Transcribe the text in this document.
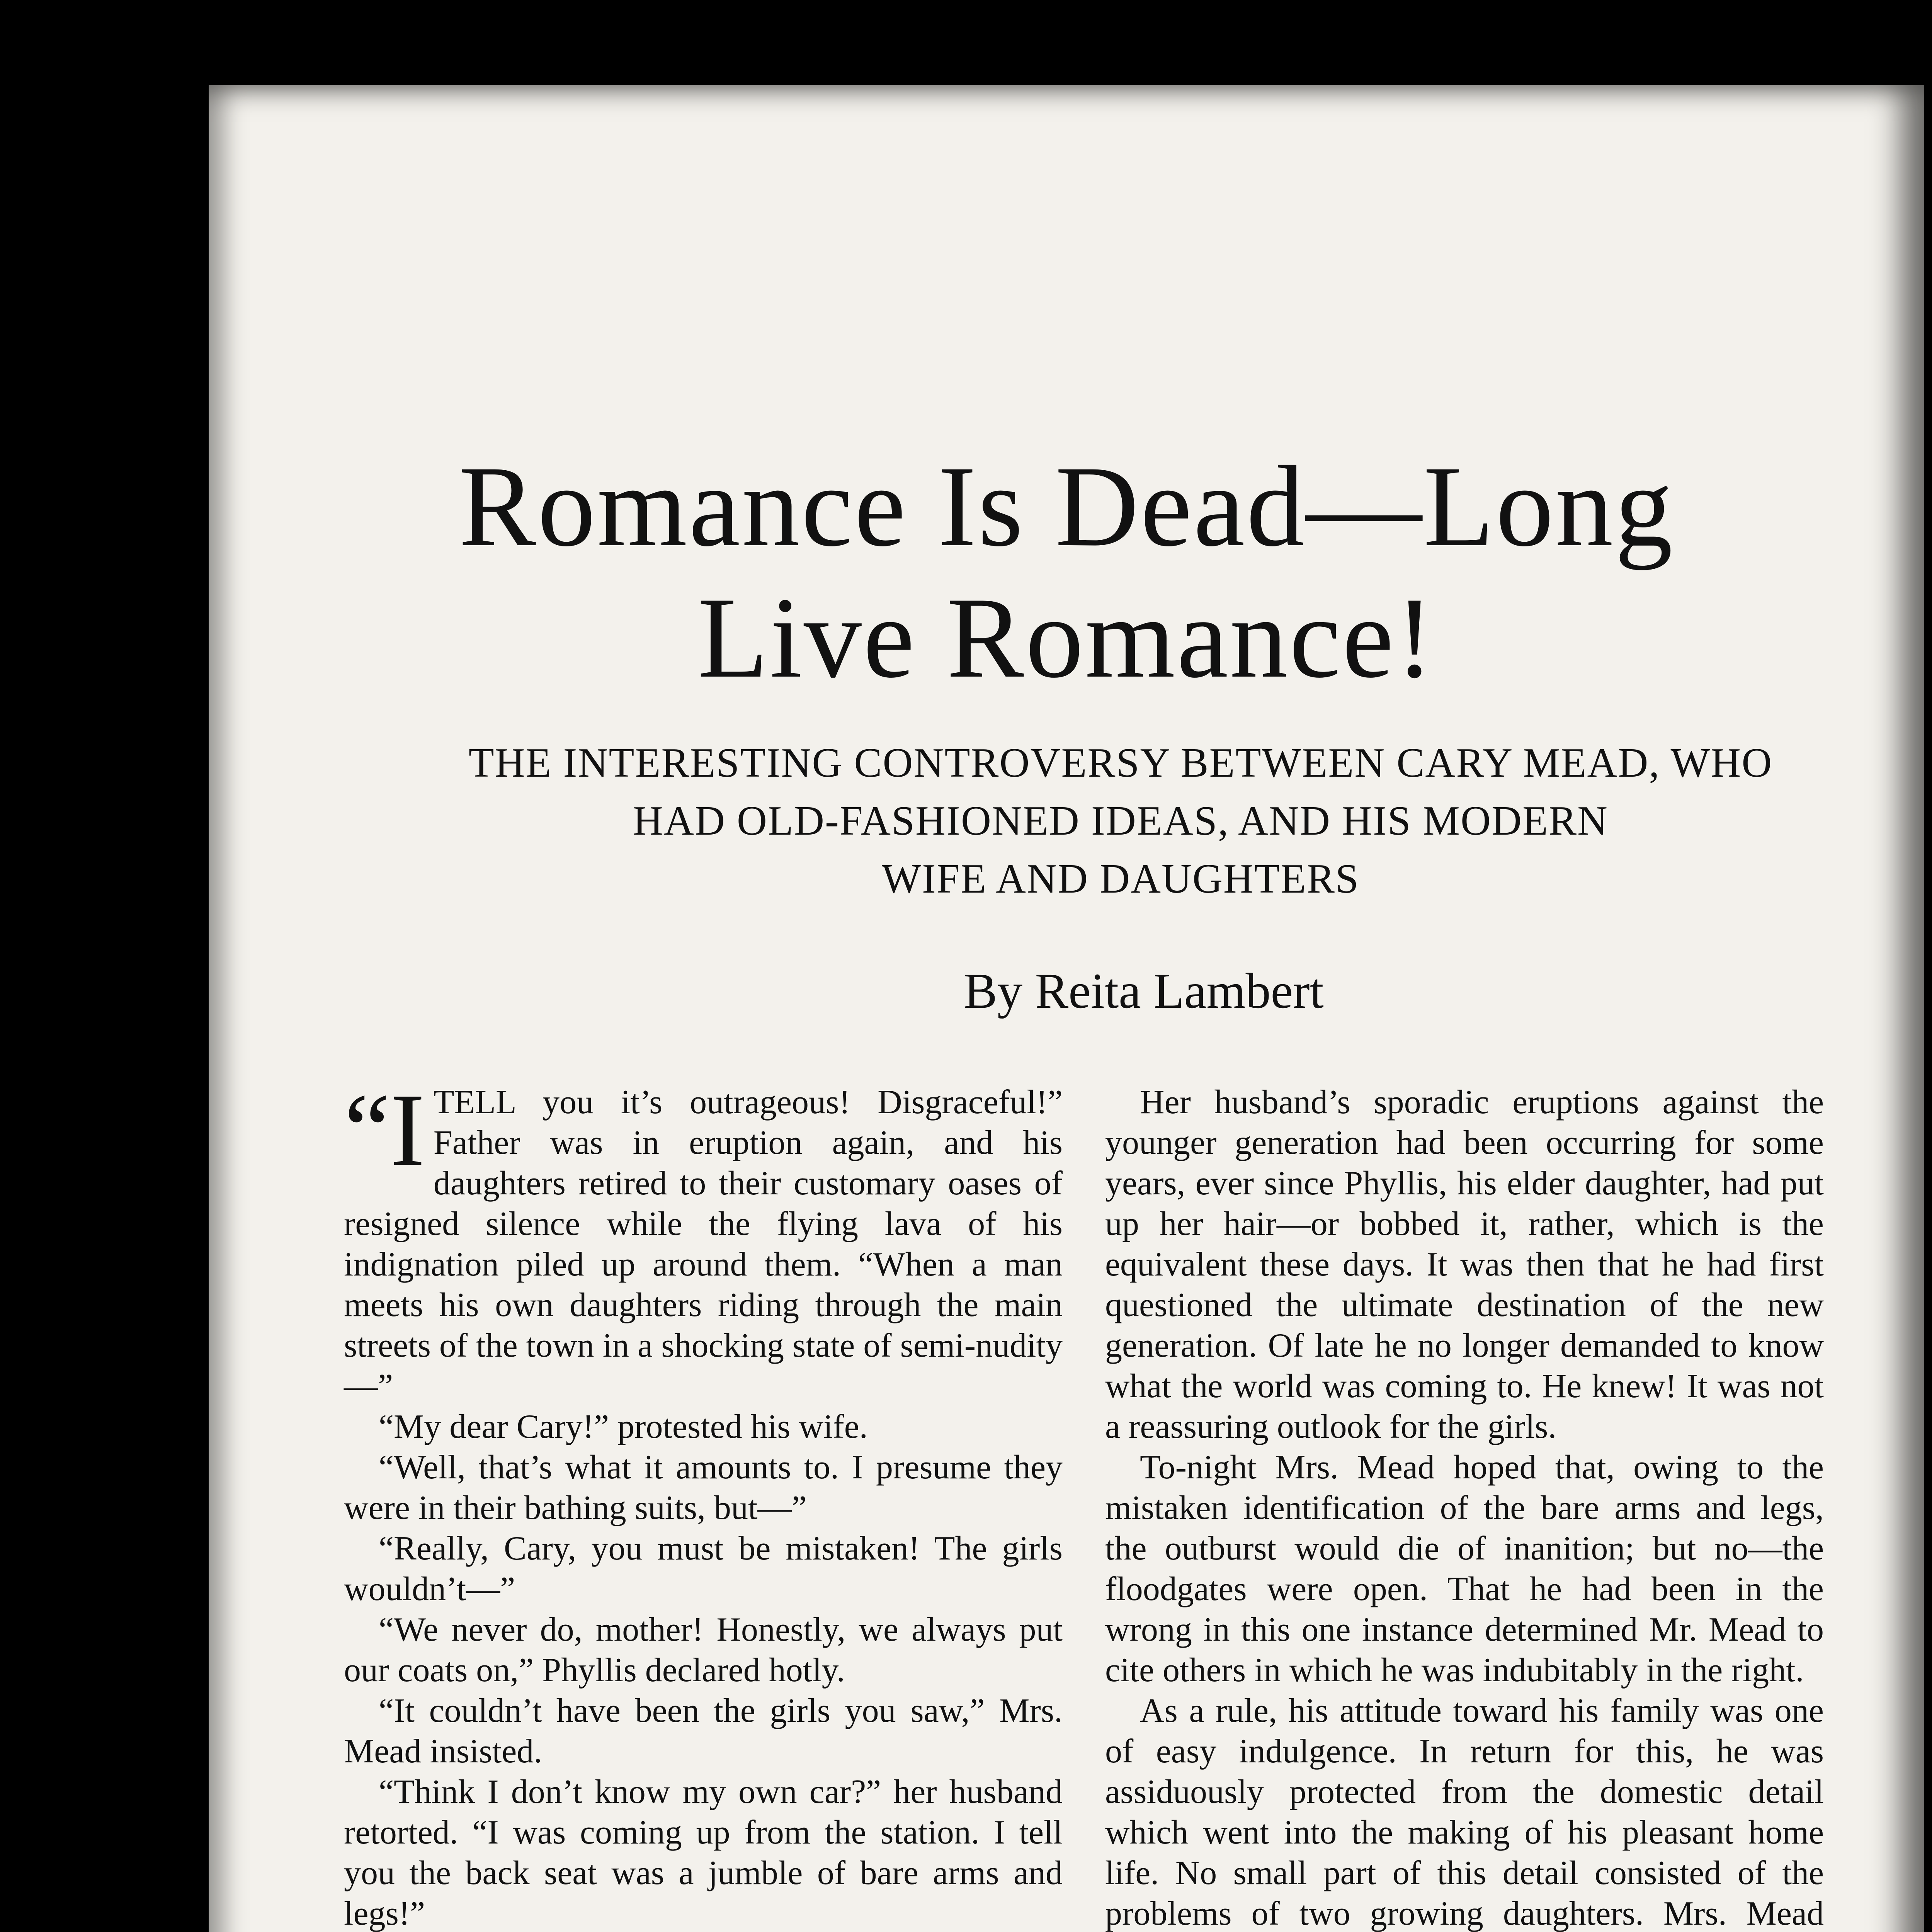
Romance Is Dead—Long
Live Romance!
THE INTERESTING CONTROVERSY BETWEEN CARY MEAD, WHO
HAD OLD-FASHIONED IDEAS, AND HIS MODERN
WIFE AND DAUGHTERS
By Reita Lambert

“ITELL you it’s outrageous! Disgraceful!” Father was in eruption again, and his daughters retired to their customary oases of resigned silence while the flying lava of his indignation piled up around them. “When a man meets his own daughters riding through the main streets of the town in a shocking state of semi-nudity—”

“My dear Cary!” protested his wife.

“Well, that’s what it amounts to. I presume they were in their bathing suits, but—”

“Really, Cary, you must be mistaken! The girls wouldn’t—”

“We never do, mother! Honestly, we always put our coats on,” Phyllis declared hotly.

“It couldn’t have been the girls you saw,” Mrs. Mead insisted.

“Think I don’t know my own car?” her husband retorted. “I was coming up from the station. I tell you the back seat was a jumble of bare arms and legs!”

Her husband’s sporadic eruptions against the younger generation had been occurring for some years, ever since Phyllis, his elder daughter, had put up her hair—or bobbed it, rather, which is the equivalent these days. It was then that he had first questioned the ultimate destination of the new generation. Of late he no longer demanded to know what the world was coming to. He knew! It was not a reassuring outlook for the girls.

To-night Mrs. Mead hoped that, owing to the mistaken identification of the bare arms and legs, the outburst would die of inanition; but no—the floodgates were open. That he had been in the wrong in this one instance determined Mr. Mead to cite others in which he was indubitably in the right.

As a rule, his attitude toward his family was one of easy indulgence. In return for this, he was assiduously protected from the domestic detail which went into the making of his pleasant home life. No small part of this detail consisted of the problems of two growing daughters. Mrs. Mead
